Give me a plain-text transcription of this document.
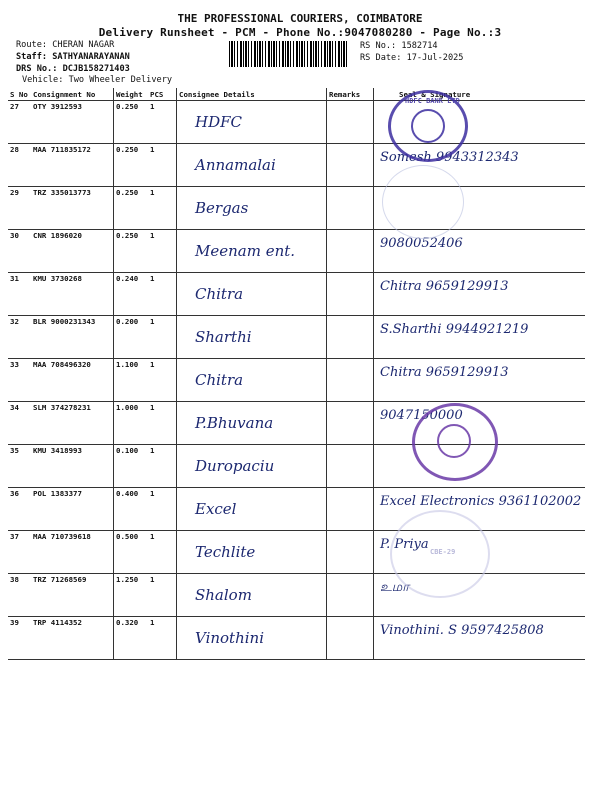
THE PROFESSIONAL COURIERS, COIMBATORE
Delivery Runsheet - PCM - Phone No.:9047080280 - Page No.:3
Route: CHERAN NAGAR
Staff: SATHYANARAYANAN
DRS No.: DCJB158271403
Vehicle: Two Wheeler Delivery
RS No.: 1582714
RS Date: 17-Jul-2025
S No	Consignment No	Weight	PCS	Consignee Details	Remarks	Seal & Signature
27	OTY 3912593	0.250	1	HDFC		

28	MAA 711835172	0.250	1	Annamalai		Somesh 9943312343

29	TRZ 335013773	0.250	1	Bergas		

30	CNR 1896020	0.250	1	Meenam ent.		9080052406

31	KMU 3730268	0.240	1	Chitra		Chitra 9659129913

32	BLR 9000231343	0.200	1	Sharthi		S.Sharthi 9944921219

33	MAA 708496320	1.100	1	Chitra		Chitra 9659129913

34	SLM 374278231	1.000	1	P.Bhuvana		9047150000

35	KMU 3418993	0.100	1	Duropaciu		

36	POL 1383377	0.400	1	Excel		Excel Electronics 9361102002

37	MAA 710739618	0.500	1	Techlite		P. Priya

38	TRZ 71268569	1.250	1	Shalom		உமா

39	TRP 4114352	0.320	1	Vinothini		Vinothini. S 9597425808
HDFC BANK LTD
CBE-29
